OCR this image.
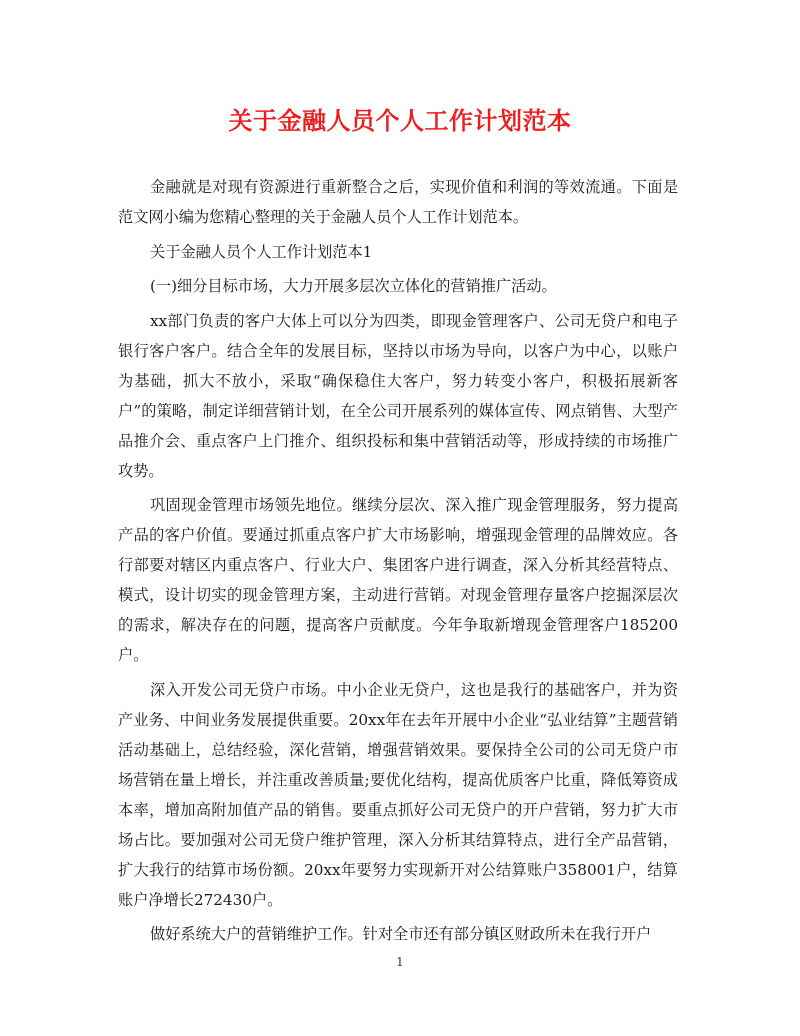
关于金融人员个人工作计划范本

金融就是对现有资源进行重新整合之后，实现价值和利润的等效流通。下面是范文网小编为您精心整理的关于金融人员个人工作计划范本。

关于金融人员个人工作计划范本1

(一)细分目标市场，大力开展多层次立体化的营销推广活动。

xx部门负责的客户大体上可以分为四类，即现金管理客户、公司无贷户和电子银行客户客户。结合全年的发展目标，坚持以市场为导向，以客户为中心，以账户为基础，抓大不放小，采取“确保稳住大客户，努力转变小客户，积极拓展新客户”的策略，制定详细营销计划，在全公司开展系列的媒体宣传、网点销售、大型产品推介会、重点客户上门推介、组织投标和集中营销活动等，形成持续的市场推广攻势。

巩固现金管理市场领先地位。继续分层次、深入推广现金管理服务，努力提高产品的客户价值。要通过抓重点客户扩大市场影响，增强现金管理的品牌效应。各行部要对辖区内重点客户、行业大户、集团客户进行调查，深入分析其经营特点、模式，设计切实的现金管理方案，主动进行营销。对现金管理存量客户挖掘深层次的需求，解决存在的问题，提高客户贡献度。今年争取新增现金管理客户185200户。

深入开发公司无贷户市场。中小企业无贷户，这也是我行的基础客户，并为资产业务、中间业务发展提供重要。20xx年在去年开展中小企业“弘业结算”主题营销活动基础上，总结经验，深化营销，增强营销效果。要保持全公司的公司无贷户市场营销在量上增长，并注重改善质量;要优化结构，提高优质客户比重，降低筹资成本率，增加高附加值产品的销售。要重点抓好公司无贷户的开户营销，努力扩大市场占比。要加强对公司无贷户维护管理，深入分析其结算特点，进行全产品营销，扩大我行的结算市场份额。20xx年要努力实现新开对公结算账户358001户，结算账户净增长272430户。

做好系统大户的营销维护工作。针对全市还有部分镇区财政所未在我行开户

1
